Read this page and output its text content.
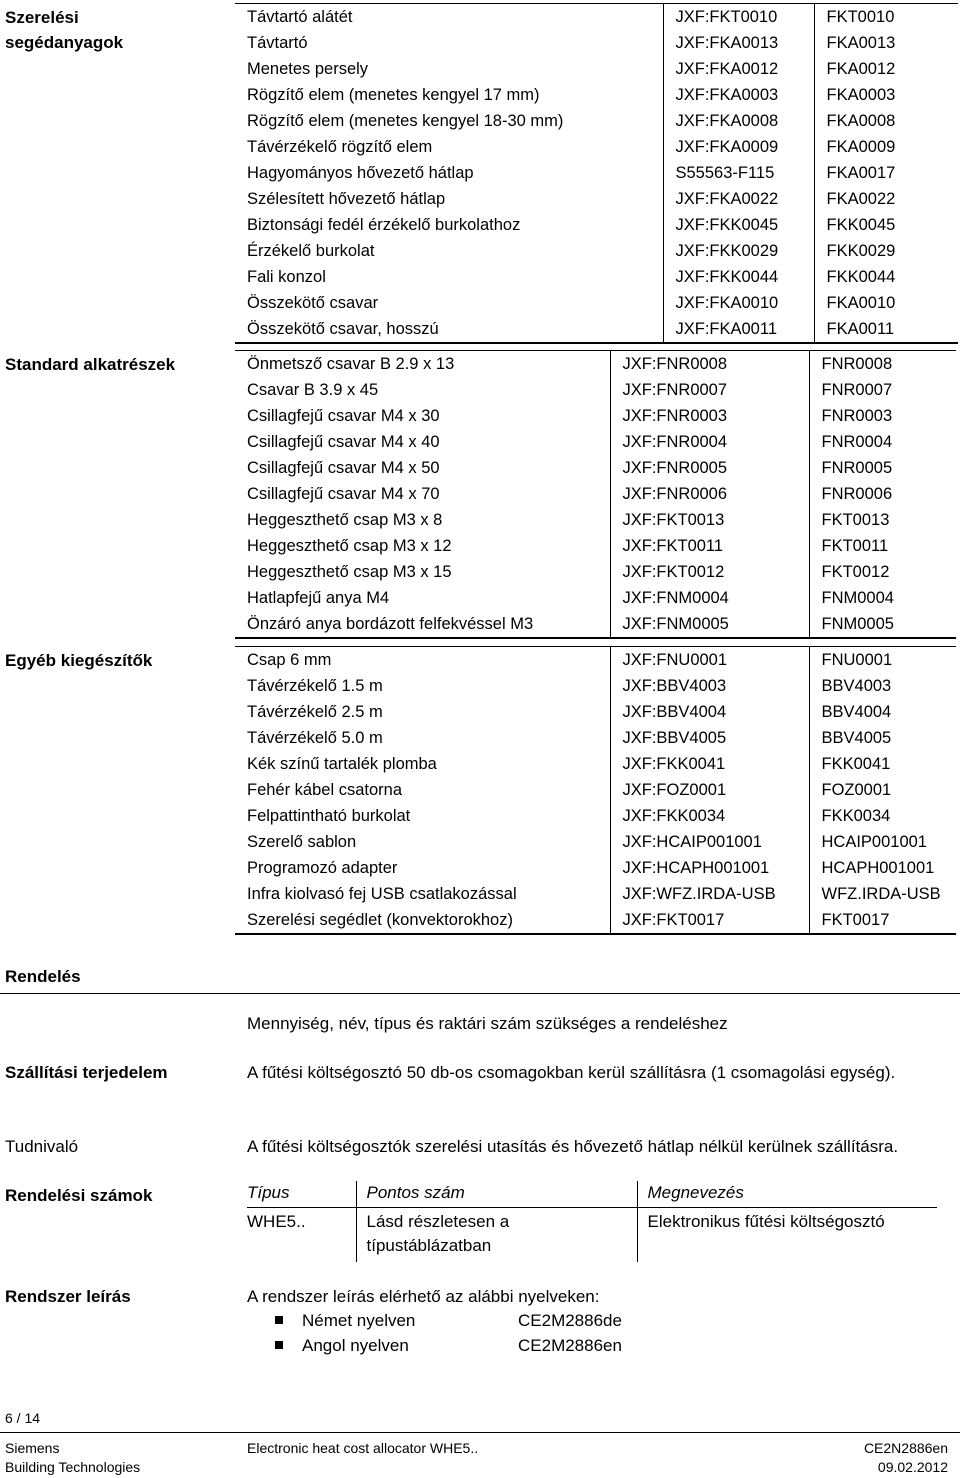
Szerelési
segédanyagok
Távtartó alátét	JXF:FKT0010	FKT0010
Távtartó	JXF:FKA0013	FKA0013
Menetes persely	JXF:FKA0012	FKA0012
Rögzítő elem (menetes kengyel 17 mm)	JXF:FKA0003	FKA0003
Rögzítő elem (menetes kengyel 18-30 mm)	JXF:FKA0008	FKA0008
Távérzékelő rögzítő elem	JXF:FKA0009	FKA0009
Hagyományos hővezető hátlap	S55563-F115	FKA0017
Szélesített hővezető hátlap	JXF:FKA0022	FKA0022
Biztonsági fedél érzékelő burkolathoz	JXF:FKK0045	FKK0045
Érzékelő burkolat	JXF:FKK0029	FKK0029
Fali konzol	JXF:FKK0044	FKK0044
Összekötő csavar	JXF:FKA0010	FKA0010
Összekötő csavar, hosszú	JXF:FKA0011	FKA0011
Standard alkatrészek	Önmetsző csavar B 2.9 x 13	JXF:FNR0008	FNR0008
Csavar B 3.9 x 45	JXF:FNR0007	FNR0007
Csillagfejű csavar M4 x 30	JXF:FNR0003	FNR0003
Csillagfejű csavar M4 x 40	JXF:FNR0004	FNR0004
Csillagfejű csavar M4 x 50	JXF:FNR0005	FNR0005
Csillagfejű csavar M4 x 70	JXF:FNR0006	FNR0006
Heggeszthető csap M3 x 8	JXF:FKT0013	FKT0013
Heggeszthető csap M3 x 12	JXF:FKT0011	FKT0011
Heggeszthető csap M3 x 15	JXF:FKT0012	FKT0012
Hatlapfejű anya M4	JXF:FNM0004	FNM0004
Önzáró anya bordázott felfekvéssel M3	JXF:FNM0005	FNM0005
Egyéb kiegészítők	Csap 6 mm	JXF:FNU0001	FNU0001
Távérzékelő 1.5 m	JXF:BBV4003	BBV4003
Távérzékelő 2.5 m	JXF:BBV4004	BBV4004
Távérzékelő 5.0 m	JXF:BBV4005	BBV4005
Kék színű tartalék plomba	JXF:FKK0041	FKK0041
Fehér kábel csatorna	JXF:FOZ0001	FOZ0001
Felpattintható burkolat	JXF:FKK0034	FKK0034
Szerelő sablon	JXF:HCAIP001001	HCAIP001001
Programozó adapter	JXF:HCAPH001001	HCAPH001001
Infra kiolvasó fej USB csatlakozással	JXF:WFZ.IRDA-USB	WFZ.IRDA-USB
Szerelési segédlet (konvektorokhoz)	JXF:FKT0017	FKT0017
Rendelés
Mennyiség, név, típus és raktári szám szükséges a rendeléshez
Szállítási terjedelem	A fűtési költségosztó 50 db-os csomagokban kerül szállításra (1 csomagolási egység).
Tudnivaló	A fűtési költségosztók szerelési utasítás és hővezető hátlap nélkül kerülnek szállításra.
Rendelési számok	Típus	Pontos szám	Megnevezés
WHE5..	Lásd részletesen a típustáblázatban	Elektronikus fűtési költségosztó
Rendszer leírás	A rendszer leírás elérhető az alábbi nyelveken:
Német nyelven	CE2M2886de
Angol nyelven	CE2M2886en
6 / 14
Siemens
Building Technologies
Electronic heat cost allocator WHE5..	CE2N2886en
09.02.2012
